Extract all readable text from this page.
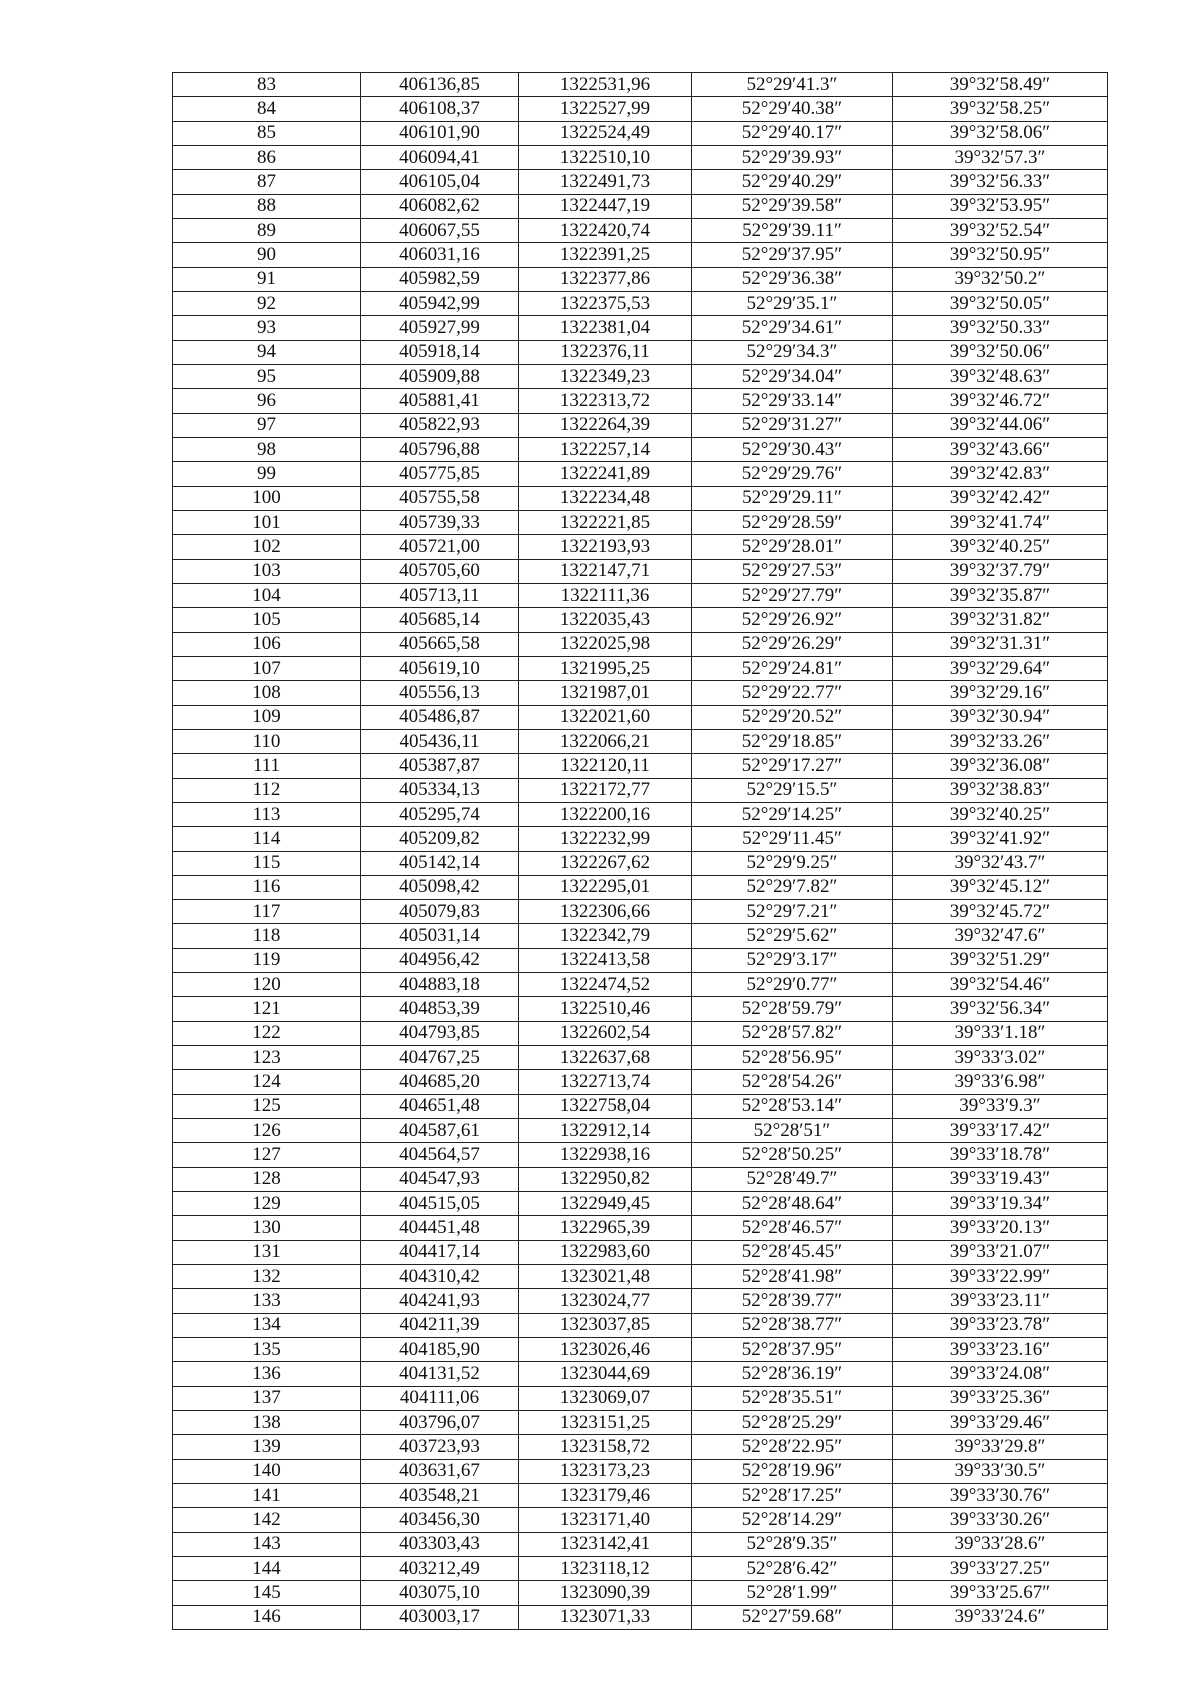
83	406136,85	1322531,96	52°29′41.3″	39°32′58.49″
84	406108,37	1322527,99	52°29′40.38″	39°32′58.25″
85	406101,90	1322524,49	52°29′40.17″	39°32′58.06″
86	406094,41	1322510,10	52°29′39.93″	39°32′57.3″
87	406105,04	1322491,73	52°29′40.29″	39°32′56.33″
88	406082,62	1322447,19	52°29′39.58″	39°32′53.95″
89	406067,55	1322420,74	52°29′39.11″	39°32′52.54″
90	406031,16	1322391,25	52°29′37.95″	39°32′50.95″
91	405982,59	1322377,86	52°29′36.38″	39°32′50.2″
92	405942,99	1322375,53	52°29′35.1″	39°32′50.05″
93	405927,99	1322381,04	52°29′34.61″	39°32′50.33″
94	405918,14	1322376,11	52°29′34.3″	39°32′50.06″
95	405909,88	1322349,23	52°29′34.04″	39°32′48.63″
96	405881,41	1322313,72	52°29′33.14″	39°32′46.72″
97	405822,93	1322264,39	52°29′31.27″	39°32′44.06″
98	405796,88	1322257,14	52°29′30.43″	39°32′43.66″
99	405775,85	1322241,89	52°29′29.76″	39°32′42.83″
100	405755,58	1322234,48	52°29′29.11″	39°32′42.42″
101	405739,33	1322221,85	52°29′28.59″	39°32′41.74″
102	405721,00	1322193,93	52°29′28.01″	39°32′40.25″
103	405705,60	1322147,71	52°29′27.53″	39°32′37.79″
104	405713,11	1322111,36	52°29′27.79″	39°32′35.87″
105	405685,14	1322035,43	52°29′26.92″	39°32′31.82″
106	405665,58	1322025,98	52°29′26.29″	39°32′31.31″
107	405619,10	1321995,25	52°29′24.81″	39°32′29.64″
108	405556,13	1321987,01	52°29′22.77″	39°32′29.16″
109	405486,87	1322021,60	52°29′20.52″	39°32′30.94″
110	405436,11	1322066,21	52°29′18.85″	39°32′33.26″
111	405387,87	1322120,11	52°29′17.27″	39°32′36.08″
112	405334,13	1322172,77	52°29′15.5″	39°32′38.83″
113	405295,74	1322200,16	52°29′14.25″	39°32′40.25″
114	405209,82	1322232,99	52°29′11.45″	39°32′41.92″
115	405142,14	1322267,62	52°29′9.25″	39°32′43.7″
116	405098,42	1322295,01	52°29′7.82″	39°32′45.12″
117	405079,83	1322306,66	52°29′7.21″	39°32′45.72″
118	405031,14	1322342,79	52°29′5.62″	39°32′47.6″
119	404956,42	1322413,58	52°29′3.17″	39°32′51.29″
120	404883,18	1322474,52	52°29′0.77″	39°32′54.46″
121	404853,39	1322510,46	52°28′59.79″	39°32′56.34″
122	404793,85	1322602,54	52°28′57.82″	39°33′1.18″
123	404767,25	1322637,68	52°28′56.95″	39°33′3.02″
124	404685,20	1322713,74	52°28′54.26″	39°33′6.98″
125	404651,48	1322758,04	52°28′53.14″	39°33′9.3″
126	404587,61	1322912,14	52°28′51″	39°33′17.42″
127	404564,57	1322938,16	52°28′50.25″	39°33′18.78″
128	404547,93	1322950,82	52°28′49.7″	39°33′19.43″
129	404515,05	1322949,45	52°28′48.64″	39°33′19.34″
130	404451,48	1322965,39	52°28′46.57″	39°33′20.13″
131	404417,14	1322983,60	52°28′45.45″	39°33′21.07″
132	404310,42	1323021,48	52°28′41.98″	39°33′22.99″
133	404241,93	1323024,77	52°28′39.77″	39°33′23.11″
134	404211,39	1323037,85	52°28′38.77″	39°33′23.78″
135	404185,90	1323026,46	52°28′37.95″	39°33′23.16″
136	404131,52	1323044,69	52°28′36.19″	39°33′24.08″
137	404111,06	1323069,07	52°28′35.51″	39°33′25.36″
138	403796,07	1323151,25	52°28′25.29″	39°33′29.46″
139	403723,93	1323158,72	52°28′22.95″	39°33′29.8″
140	403631,67	1323173,23	52°28′19.96″	39°33′30.5″
141	403548,21	1323179,46	52°28′17.25″	39°33′30.76″
142	403456,30	1323171,40	52°28′14.29″	39°33′30.26″
143	403303,43	1323142,41	52°28′9.35″	39°33′28.6″
144	403212,49	1323118,12	52°28′6.42″	39°33′27.25″
145	403075,10	1323090,39	52°28′1.99″	39°33′25.67″
146	403003,17	1323071,33	52°27′59.68″	39°33′24.6″
